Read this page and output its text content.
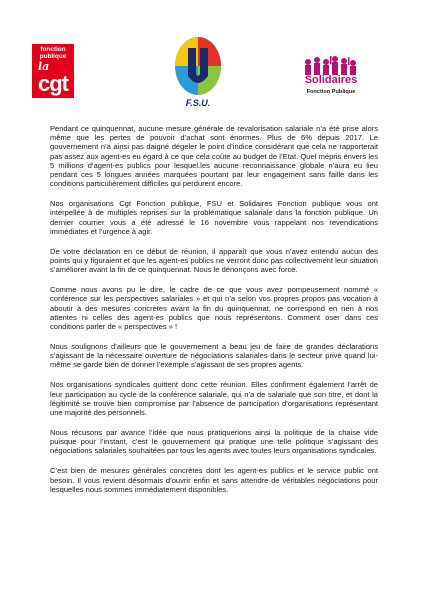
fonction publique
la
cgt
F.S.U.
Solidaires
Fonction Publique

Pendant ce quinquennat, aucune mesure générale de revalorisation salariale n’a été prise alors même que les pertes de pouvoir d’achat sont énormes. Plus de 6% depuis 2017. Le gouvernement n’a ainsi pas daigné dégeler le point d’indice considérant que cela ne rapporterait pas assez aux agent-es eu égard à ce que cela coûte au budget de l’Etat. Quel mépris envers les 5 millions d’agent-es publics pour lesquel.les aucune reconnaissance globale n’aura eu lieu pendant ces 5 longues années marquées pourtant par leur engagement sans faille dans les conditions particulièrement difficiles qui perdurent encore.

Nos organisations Cgt Fonction publique, FSU et Solidaires Fonction publique vous ont interpellée à de multiples reprises sur la problématique salariale dans la fonction publique. Un dernier courrier vous a été adressé le 16 novembre vous rappelant nos revendications immédiates et l’urgence à agir.

De votre déclaration en ce début de réunion, il apparaît que vous n’avez entendu aucun des points qui y figuraient et que les agent-es publics ne verront donc pas collectivement leur situation s’améliorer avant la fin de ce quinquennat. Nous le dénonçons avec force.

Comme nous avons pu le dire, le cadre de ce que vous avez pompeusement nommé « conférence sur les perspectives salariales » et qui n’a selon vos propres propos pas vocation à aboutir à des mesures concrètes avant la fin du quinquennat, ne correspond en rien à nos attentes ni celles des agent-es publics que nous représentons. Comment oser dans ces conditions parler de « perspectives » !

Nous soulignons d’ailleurs que le gouvernement a beau jeu de faire de grandes déclarations s’agissant de la nécessaire ouverture de négociations salariales dans le secteur privé quand lui-même se garde bien de donner l’exemple s’agissant de ses propres agents.

Nos organisations syndicales quittent donc cette réunion. Elles confirment également l’arrêt de leur participation au cycle de la conférence salariale, qui n’a de salariale que son titre, et dont la légitimité se trouve bien compromise par l’absence de participation d’organisations représentant une majorité des personnels.

Nous récusons par avance l’idée que nous pratiquerions ainsi la politique de la chaise vide puisque pour l’instant, c’est le gouvernement qui pratique une telle politique s’agissant des négociations salariales souhaitées par tous les agents avec toutes leurs organisations syndicales.

C’est bien de mesures générales concrètes dont les agent-es publics et le service public ont besoin. Il vous revient désormais d’ouvrir enfin et sans attendre de véritables négociations pour lesquelles nous sommes immédiatement disponibles.
